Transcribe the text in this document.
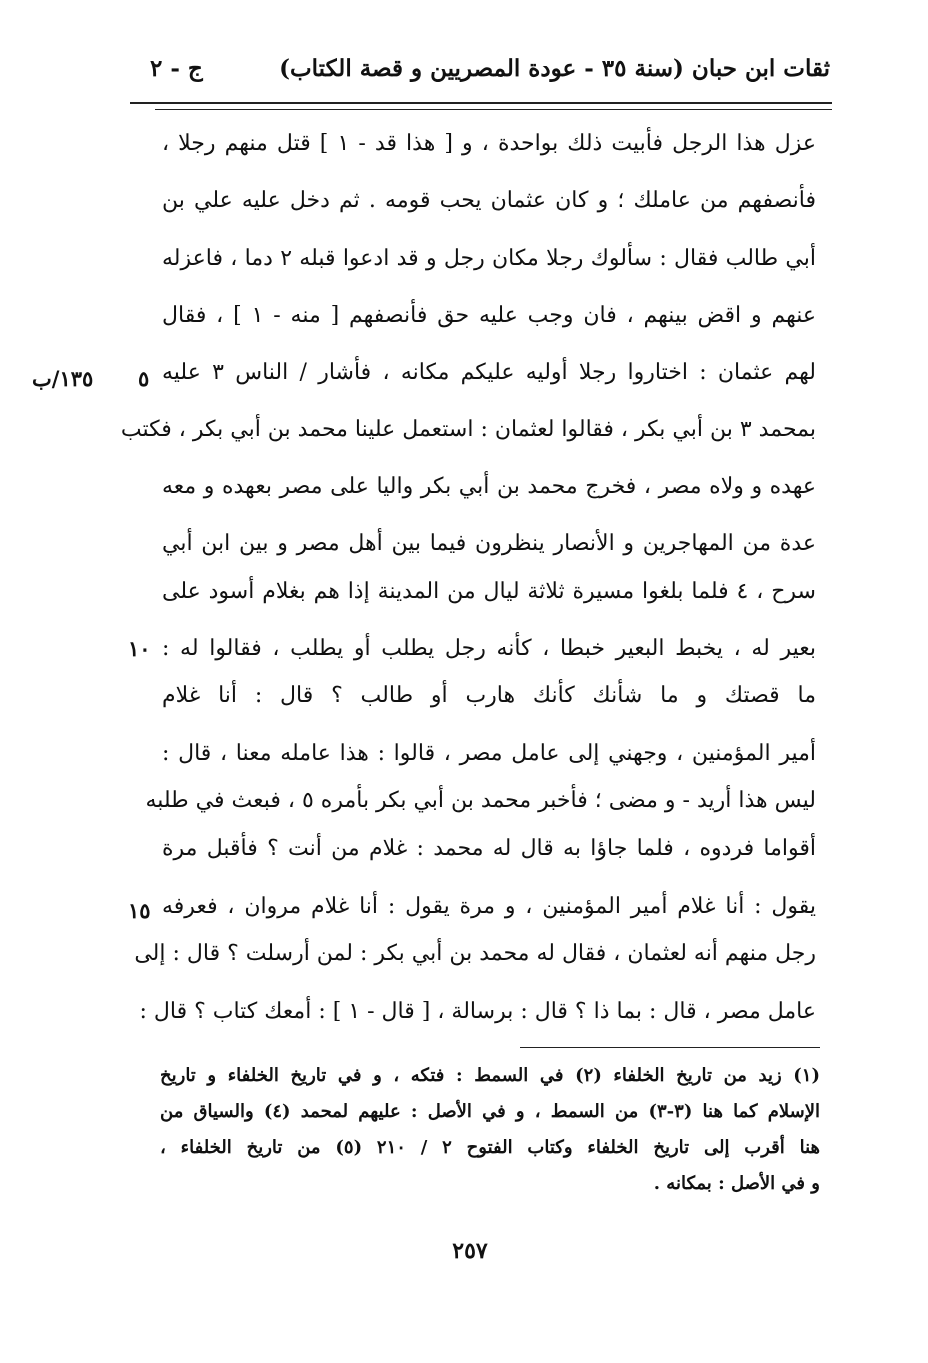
ثقات ابن حبان (سنة ٣٥ - عودة المصريين و قصة الكتاب)
ج - ٢
عزل هذا الرجل فأبيت ذلك بواحدة ، و [ هذا قد - ١ ] قتل منهم رجلا ،
فأنصفهم من عاملك ؛ و كان عثمان يحب قومه . ثم دخل عليه علي بن
أبي طالب فقال : سألوك رجلا مكان رجل و قد ادعوا قبله ٢ دما ، فاعزله
عنهم و اقض بينهم ، فان وجب عليه حق فأنصفهم [ منه - ١ ] ، فقال
لهم عثمان : اختاروا رجلا أوليه عليكم مكانه ، فأشار / الناس ٣ عليه
بمحمد ٣ بن أبي بكر ، فقالوا لعثمان : استعمل علينا محمد بن أبي بكر ، فكتب
عهده و ولاه مصر ، فخرج محمد بن أبي بكر واليا على مصر بعهده و معه
عدة من المهاجرين و الأنصار ينظرون فيما بين أهل مصر و بين ابن أبي
سرح ، ٤ فلما بلغوا مسيرة ثلاثة ليال من المدينة إذا هم بغلام أسود على
بعير له ، يخبط البعير خبطا ، كأنه رجل يطلب أو يطلب ، فقالوا له :
ما قصتك و ما شأنك كأنك هارب أو طالب ؟ قال : أنا غلام
أمير المؤمنين ، وجهني إلى عامل مصر ، قالوا : هذا عامله معنا ، قال :
ليس هذا أريد - و مضى ؛ فأخبر محمد بن أبي بكر بأمره ٥ ، فبعث في طلبه
أقواما فردوه ، فلما جاؤا به قال له محمد : غلام من أنت ؟ فأقبل مرة
يقول : أنا غلام أمير المؤمنين ، و مرة يقول : أنا غلام مروان ، فعرفه
رجل منهم أنه لعثمان ، فقال له محمد بن أبي بكر : لمن أرسلت ؟ قال : إلى
عامل مصر ، قال : بما ذا ؟ قال : برسالة ، [ قال - ١ ] : أمعك كتاب ؟ قال :
٥
١٣٥/ب
١٠
١٥
(١) زيد من تاريخ الخلفاء (٢) في السمط : فتكه ، و في تاريخ الخلفاء و تاريخ
الإسلام كما هنا (٣-٣) من السمط ، و في الأصل : عليهم لمحمد (٤) والسياق من
هنا أقرب إلى تاريخ الخلفاء وكتاب الفتوح ٢ / ٢١٠ (٥) من تاريخ الخلفاء ،
و في الأصل : بمكانه .
٢٥٧
